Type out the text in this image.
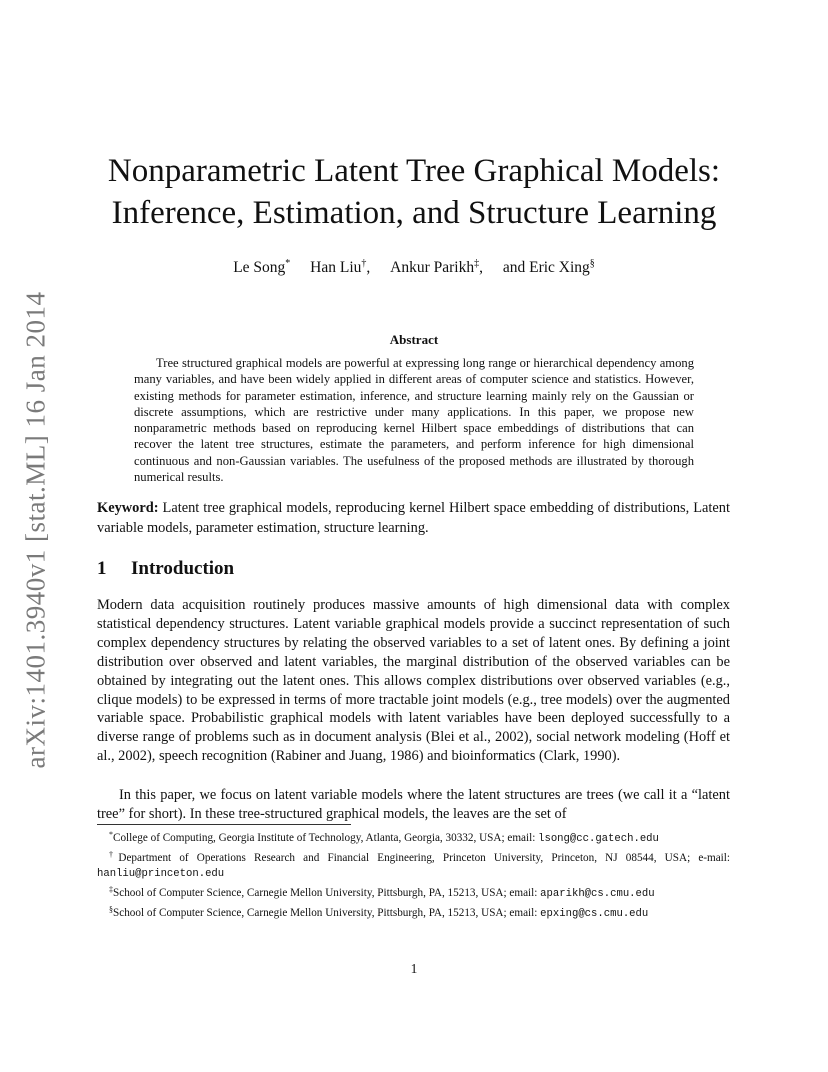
arXiv:1401.3940v1 [stat.ML] 16 Jan 2014
Nonparametric Latent Tree Graphical Models:
Inference, Estimation, and Structure Learning
Le Song* Han Liu†, Ankur Parikh‡, and Eric Xing§
Abstract

Tree structured graphical models are powerful at expressing long range or hierarchical dependency among many variables, and have been widely applied in different areas of computer science and statistics. However, existing methods for parameter estimation, inference, and structure learning mainly rely on the Gaussian or discrete assumptions, which are restrictive under many applications. In this paper, we propose new nonparametric methods based on reproducing kernel Hilbert space embeddings of distributions that can recover the latent tree structures, estimate the parameters, and perform inference for high dimensional continuous and non-Gaussian variables. The usefulness of the proposed methods are illustrated by thorough numerical results.

Keyword: Latent tree graphical models, reproducing kernel Hilbert space embedding of distributions, Latent variable models, parameter estimation, structure learning.

1 Introduction

Modern data acquisition routinely produces massive amounts of high dimensional data with complex statistical dependency structures. Latent variable graphical models provide a succinct representation of such complex dependency structures by relating the observed variables to a set of latent ones. By defining a joint distribution over observed and latent variables, the marginal distribution of the observed variables can be obtained by integrating out the latent ones. This allows complex distributions over observed variables (e.g., clique models) to be expressed in terms of more tractable joint models (e.g., tree models) over the augmented variable space. Probabilistic graphical models with latent variables have been deployed successfully to a diverse range of problems such as in document analysis (Blei et al., 2002), social network modeling (Hoff et al., 2002), speech recognition (Rabiner and Juang, 1986) and bioinformatics (Clark, 1990).

In this paper, we focus on latent variable models where the latent structures are trees (we call it a “latent tree” for short). In these tree-structured graphical models, the leaves are the set of

*College of Computing, Georgia Institute of Technology, Atlanta, Georgia, 30332, USA; email: lsong@cc.gatech.edu

†Department of Operations Research and Financial Engineering, Princeton University, Princeton, NJ 08544, USA; e-mail: hanliu@princeton.edu

‡School of Computer Science, Carnegie Mellon University, Pittsburgh, PA, 15213, USA; email: aparikh@cs.cmu.edu

§School of Computer Science, Carnegie Mellon University, Pittsburgh, PA, 15213, USA; email: epxing@cs.cmu.edu

1
